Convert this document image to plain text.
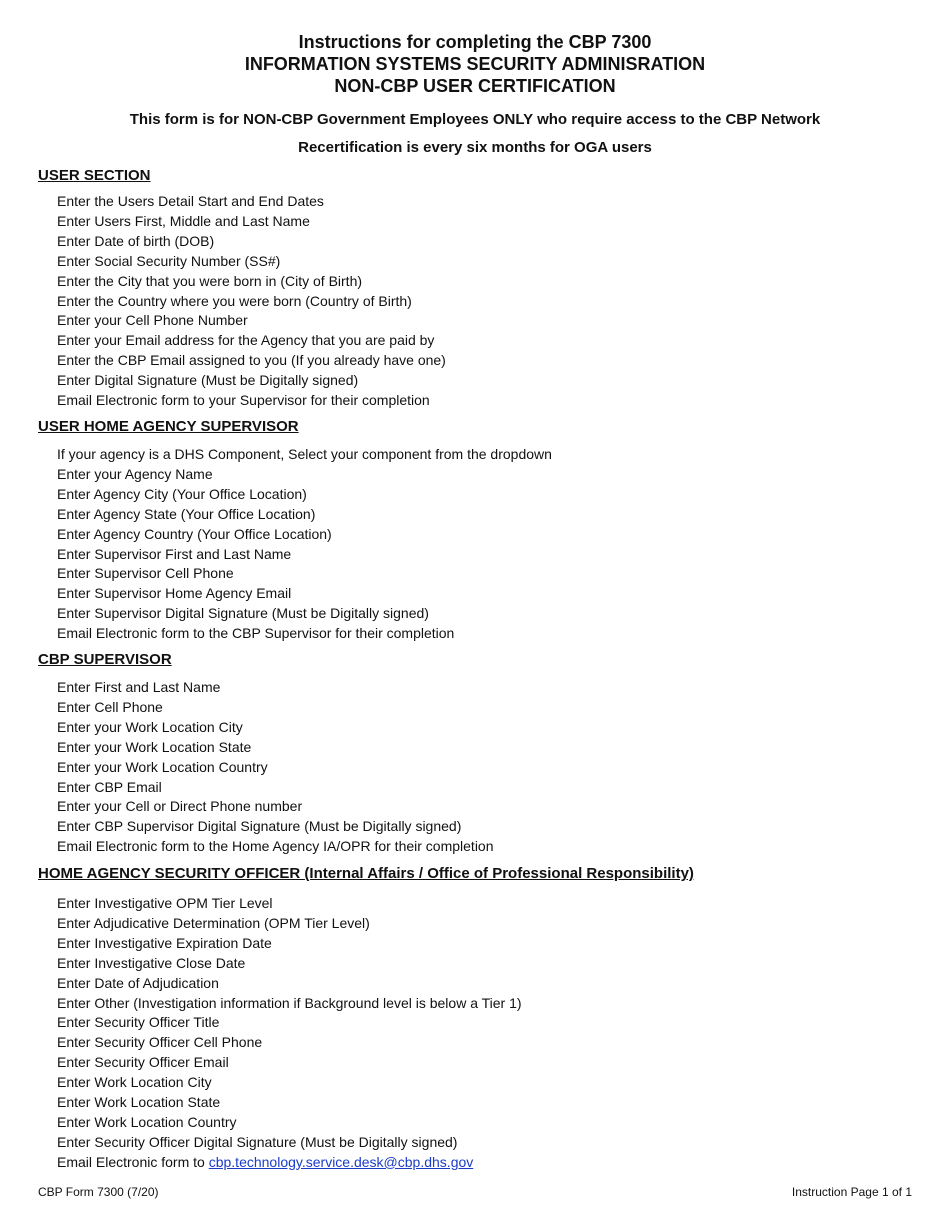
Instructions for completing the CBP 7300
INFORMATION SYSTEMS SECURITY ADMINISRATION
NON-CBP USER CERTIFICATION

This form is for NON-CBP Government Employees ONLY who require access to the CBP Network

Recertification is every six months for OGA users

USER SECTION
Enter the Users Detail Start and End Dates
Enter Users First, Middle and Last Name
Enter Date of birth (DOB)
Enter Social Security Number (SS#)
Enter the City that you were born in (City of Birth)
Enter the Country where you were born (Country of Birth)
Enter your Cell Phone Number
Enter your Email address for the Agency that you are paid by
Enter the CBP Email assigned to you (If you already have one)
Enter Digital Signature (Must be Digitally signed)
Email Electronic form to your Supervisor for their completion
USER HOME AGENCY SUPERVISOR
If your agency is a DHS Component, Select your component from the dropdown
Enter your Agency Name
Enter Agency City (Your Office Location)
Enter Agency State (Your Office Location)
Enter Agency Country (Your Office Location)
Enter Supervisor First and Last Name
Enter Supervisor Cell Phone
Enter Supervisor Home Agency Email
Enter Supervisor Digital Signature (Must be Digitally signed)
Email Electronic form to the CBP Supervisor for their completion
CBP SUPERVISOR
Enter First and Last Name
Enter Cell Phone
Enter your Work Location City
Enter your Work Location State
Enter your Work Location Country
Enter CBP Email
Enter your Cell or Direct Phone number
Enter CBP Supervisor Digital Signature (Must be Digitally signed)
Email Electronic form to the Home Agency IA/OPR for their completion
HOME AGENCY SECURITY OFFICER (Internal Affairs / Office of Professional Responsibility)
Enter Investigative OPM Tier Level
Enter Adjudicative Determination (OPM Tier Level)
Enter Investigative Expiration Date
Enter Investigative Close Date
Enter Date of Adjudication
Enter Other (Investigation information if Background level is below a Tier 1)
Enter Security Officer Title
Enter Security Officer Cell Phone
Enter Security Officer Email
Enter Work Location City
Enter Work Location State
Enter Work Location Country
Enter Security Officer Digital Signature (Must be Digitally signed)
Email Electronic form to cbp.technology.service.desk@cbp.dhs.gov
CBP Form 7300 (7/20)	Instruction Page 1 of 1
